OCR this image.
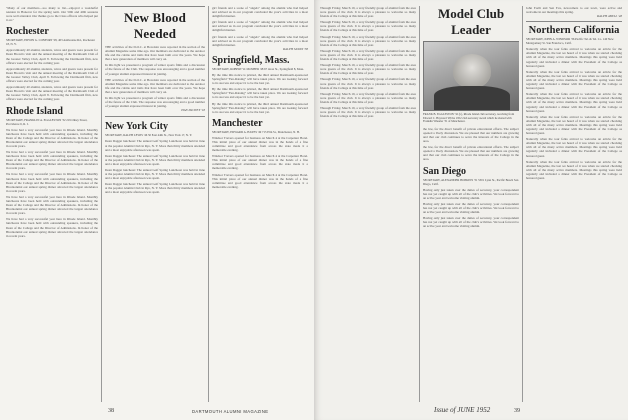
"Many of our members—too many to list—enjoyed a wonderful reunion in Hanover for the spring term. Our 50th and 40th sessions were well attended. Our thanks go to the Class officers who helped put it on."
Rochester
SECRETARY, EDWIN G. CONFORT '28, 403 Ashbourne Rd., Rochester 18, N. Y.
Approximately 40 alumni, students, wives and guests were present for Dean Brown's visit and the annual meeting of the Dartmouth Club of the Greater Valley Club, April 8. Following the Dartmouth film, new officers were elected for the coming year.
Approximately 40 alumni, students, wives and guests were present for Dean Brown's visit and the annual meeting of the Dartmouth Club of the Greater Valley Club, April 8. Following the Dartmouth film, new officers were elected for the coming year.
Approximately 40 alumni, students, wives and guests were present for Dean Brown's visit and the annual meeting of the Dartmouth Club of the Greater Valley Club, April 8. Following the Dartmouth film, new officers were elected for the coming year.
Rhode Island
SECRETARY, FRANKLIN A. EGGLESTON '32 219 Olney Street, Providence 6, R. I.
We have had a very successful year here in Rhode Island. Monthly luncheons have been held with outstanding speakers, including the Dean of the College and the Director of Admissions. In honor of the Bicentennial our annual spring dinner attracted the largest attendance in recent years.
We have had a very successful year here in Rhode Island. Monthly luncheons have been held with outstanding speakers, including the Dean of the College and the Director of Admissions. In honor of the Bicentennial our annual spring dinner attracted the largest attendance in recent years.
We have had a very successful year here in Rhode Island. Monthly luncheons have been held with outstanding speakers, including the Dean of the College and the Director of Admissions. In honor of the Bicentennial our annual spring dinner attracted the largest attendance in recent years.
We have had a very successful year here in Rhode Island. Monthly luncheons have been held with outstanding speakers, including the Dean of the College and the Director of Admissions. In honor of the Bicentennial our annual spring dinner attracted the largest attendance in recent years.
We have had a very successful year here in Rhode Island. Monthly luncheons have been held with outstanding speakers, including the Dean of the College and the Director of Admissions. In honor of the Bicentennial our annual spring dinner attracted the largest attendance in recent years.
New Blood Needed
THE activities of the D.O.C. at Bowdoin were reported in the section of the Alumni Magazine some time ago. Our members are dedicated to the outdoor life and the cabins and trails that have been built over the years. We hope that a new generation of members will carry on.
In this light we presented a program of winter sports films and a discussion of the future of the Club. The response was encouraging and a good number of younger alumni expressed interest in joining.
THE activities of the D.O.C. at Bowdoin were reported in the section of the Alumni Magazine some time ago. Our members are dedicated to the outdoor life and the cabins and trails that have been built over the years. We hope that a new generation of members will carry on.
In this light we presented a program of winter sports films and a discussion of the future of the Club. The response was encouraging and a good number of younger alumni expressed interest in joining.
HAN PACHEY '18
New York City
SECRETARY, RALPH LEWIS '46 50 East 44th St., New York 17, N. Y.
Dean Dagget luncheon: The annual Golf Spring Luncheon was held in June at the popular Alumni Club in Rye, N. Y. More than thirty members attended and a most enjoyable afternoon was spent.
Dean Dagget luncheon: The annual Golf Spring Luncheon was held in June at the popular Alumni Club in Rye, N. Y. More than thirty members attended and a most enjoyable afternoon was spent.
Dean Dagget luncheon: The annual Golf Spring Luncheon was held in June at the popular Alumni Club in Rye, N. Y. More than thirty members attended and a most enjoyable afternoon was spent.
Dean Dagget luncheon: The annual Golf Spring Luncheon was held in June at the popular Alumni Club in Rye, N. Y. More than thirty members attended and a most enjoyable afternoon was spent.
girl friends and a scene of "angels" among the alumni who had helped and advised us in our program concluded the year's activities in a most delightful manner.
girl friends and a scene of "angels" among the alumni who had helped and advised us in our program concluded the year's activities in a most delightful manner.
girl friends and a scene of "angels" among the alumni who had helped and advised us in our program concluded the year's activities in a most delightful manner.
RALPH SAWIN '38
Springfield, Mass.
SECRETARY, ROBERT W. MOSHER '48 67 Avon St., Springfield 8, Mass.
By the time this notice is printed, the third annual Dartmouth-sponsored Springfield "Fun-Raising" will have taken place. We are looking forward to its success and expect it to be the best yet.
By the time this notice is printed, the third annual Dartmouth-sponsored Springfield "Fun-Raising" will have taken place. We are looking forward to its success and expect it to be the best yet.
By the time this notice is printed, the third annual Dartmouth-sponsored Springfield "Fun-Raising" will have taken place. We are looking forward to its success and expect it to be the best yet.
Manchester
SECRETARY, EDWARD A. HAYES '49 715 Elm St., Manchester, N. H.
Windsor Trevers opened for business on March 4 at the Carpenter Hotel. This initial place of our annual dinner was in the hands of a fine committee and good attendance from across the state made it a memorable evening.
Windsor Trevers opened for business on March 4 at the Carpenter Hotel. This initial place of our annual dinner was in the hands of a fine committee and good attendance from across the state made it a memorable evening.
Windsor Trevers opened for business on March 4 at the Carpenter Hotel. This initial place of our annual dinner was in the hands of a fine committee and good attendance from across the state made it a memorable evening.
38	DARTMOUTH ALUMNI MAGAZINE
Through Friday, March 19, a very friendly group of alumni from the area were guests of the club. It is always a pleasure to welcome so many friends of the College at this time of year.
Through Friday, March 19, a very friendly group of alumni from the area were guests of the club. It is always a pleasure to welcome so many friends of the College at this time of year.
Through Friday, March 19, a very friendly group of alumni from the area were guests of the club. It is always a pleasure to welcome so many friends of the College at this time of year.
Through Friday, March 19, a very friendly group of alumni from the area were guests of the club. It is always a pleasure to welcome so many friends of the College at this time of year.
Through Friday, March 19, a very friendly group of alumni from the area were guests of the club. It is always a pleasure to welcome so many friends of the College at this time of year.
Through Friday, March 19, a very friendly group of alumni from the area were guests of the club. It is always a pleasure to welcome so many friends of the College at this time of year.
Through Friday, March 19, a very friendly group of alumni from the area were guests of the club. It is always a pleasure to welcome so many friends of the College at this time of year.
Through Friday, March 19, a very friendly group of alumni from the area were guests of the club. It is always a pleasure to welcome so many friends of the College at this time of year.
Model Club Leader
FRANK B. EGGLESTON '32 (l.), Rhode Island club secretary, receiving from Edward C. Hayward '28 the 1952 club secretary award which he shared with Franklin Wheeler '31 of Manchester.
the law, for the direct benefit of private educational efforts. The subject opened a lively discussion. We are pleased that our numbers are growing and that our club continues to serve the interests of the College in the area.
the law, for the direct benefit of private educational efforts. The subject opened a lively discussion. We are pleased that our numbers are growing and that our club continues to serve the interests of the College in the area.
San Diego
SECRETARY, ALEXANDER HOPKINS '31 5301 Lynn St., Pacific Beach San Diego, Calif.
Having only just taken over the duties of secretary, your correspondent has not yet caught up with all of the club's activities. We look forward to an active year and welcome visiting alumni.
Having only just taken over the duties of secretary, your correspondent has not yet caught up with all of the club's activities. We look forward to an active year and welcome visiting alumni.
Having only just taken over the duties of secretary, your correspondent has not yet caught up with all of the club's activities. We look forward to an active year and welcome visiting alumni.
John Forth and Sen Fox, newcomers to our town, were active and welcome in our meetings this spring.
RALPH ABELL '48
Northern California
SECRETARY, JOHN A. WINDSOR '36 Pacific Tel. & Tel. Co. 140 New Montgomery St. San Francisco, Calif.
Naturally when the tour folks arrived to welcome an article for the Alumni Magazine, the last we heard of it was when we started checking with all of the many active members. Meetings this spring were held regularly and included a dinner with the President of the College as honored guest.
Naturally when the tour folks arrived to welcome an article for the Alumni Magazine, the last we heard of it was when we started checking with all of the many active members. Meetings this spring were held regularly and included a dinner with the President of the College as honored guest.
Naturally when the tour folks arrived to welcome an article for the Alumni Magazine, the last we heard of it was when we started checking with all of the many active members. Meetings this spring were held regularly and included a dinner with the President of the College as honored guest.
Naturally when the tour folks arrived to welcome an article for the Alumni Magazine, the last we heard of it was when we started checking with all of the many active members. Meetings this spring were held regularly and included a dinner with the President of the College as honored guest.
Naturally when the tour folks arrived to welcome an article for the Alumni Magazine, the last we heard of it was when we started checking with all of the many active members. Meetings this spring were held regularly and included a dinner with the President of the College as honored guest.
Naturally when the tour folks arrived to welcome an article for the Alumni Magazine, the last we heard of it was when we started checking with all of the many active members. Meetings this spring were held regularly and included a dinner with the President of the College as honored guest.
Issue of JUNE 1952	39
